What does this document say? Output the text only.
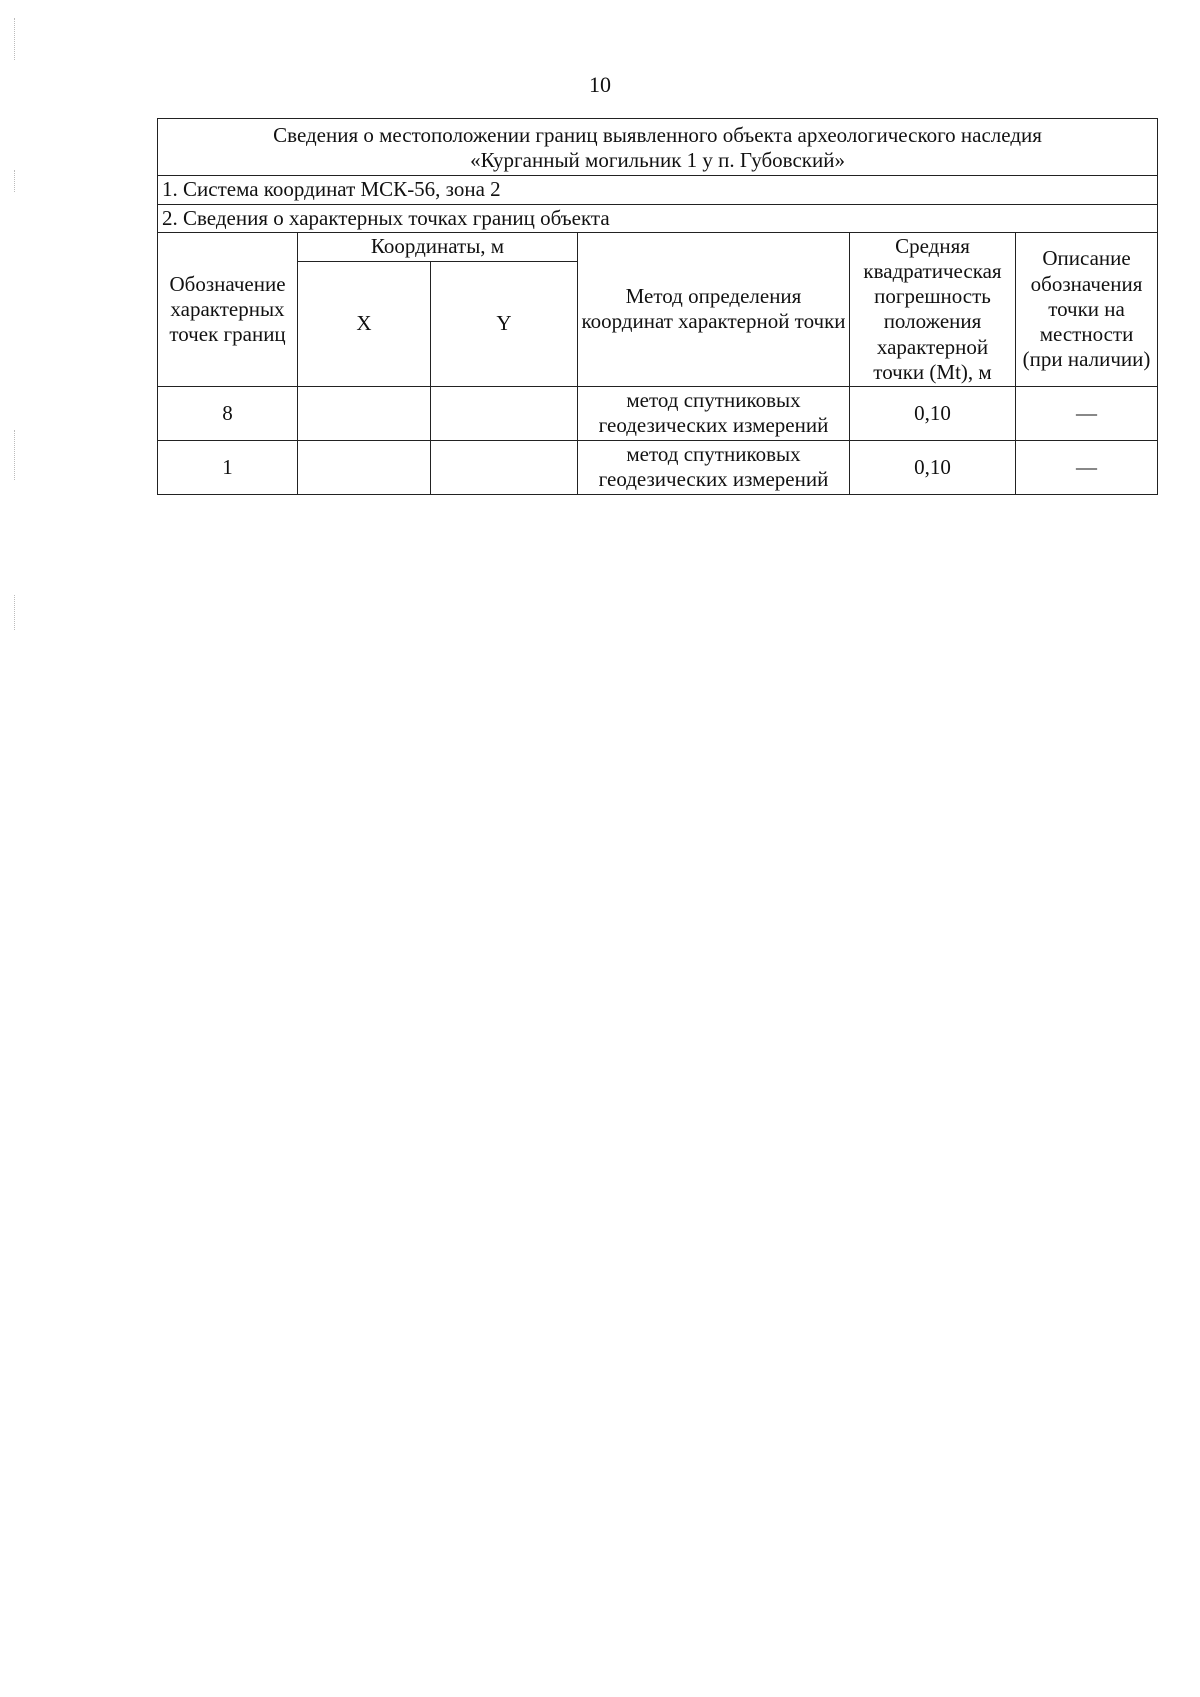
10
Сведения о местоположении границ выявленного объекта археологического наследия
«Курганный могильник 1 у п. Губовский»					

1. Система координат МСК-56, зона 2					
2. Сведения о характерных точках границ объекта					
Обозначение характерных точек границ	Координаты, м		Метод определения координат характерной точки	Средняя квадратическая погрешность положения характерной точки (Mt), м	Описание обозначения точки на местности (при наличии)
	X	Y			
8			метод спутниковых геодезических измерений	0,10	—
1			метод спутниковых геодезических измерений	0,10	—
